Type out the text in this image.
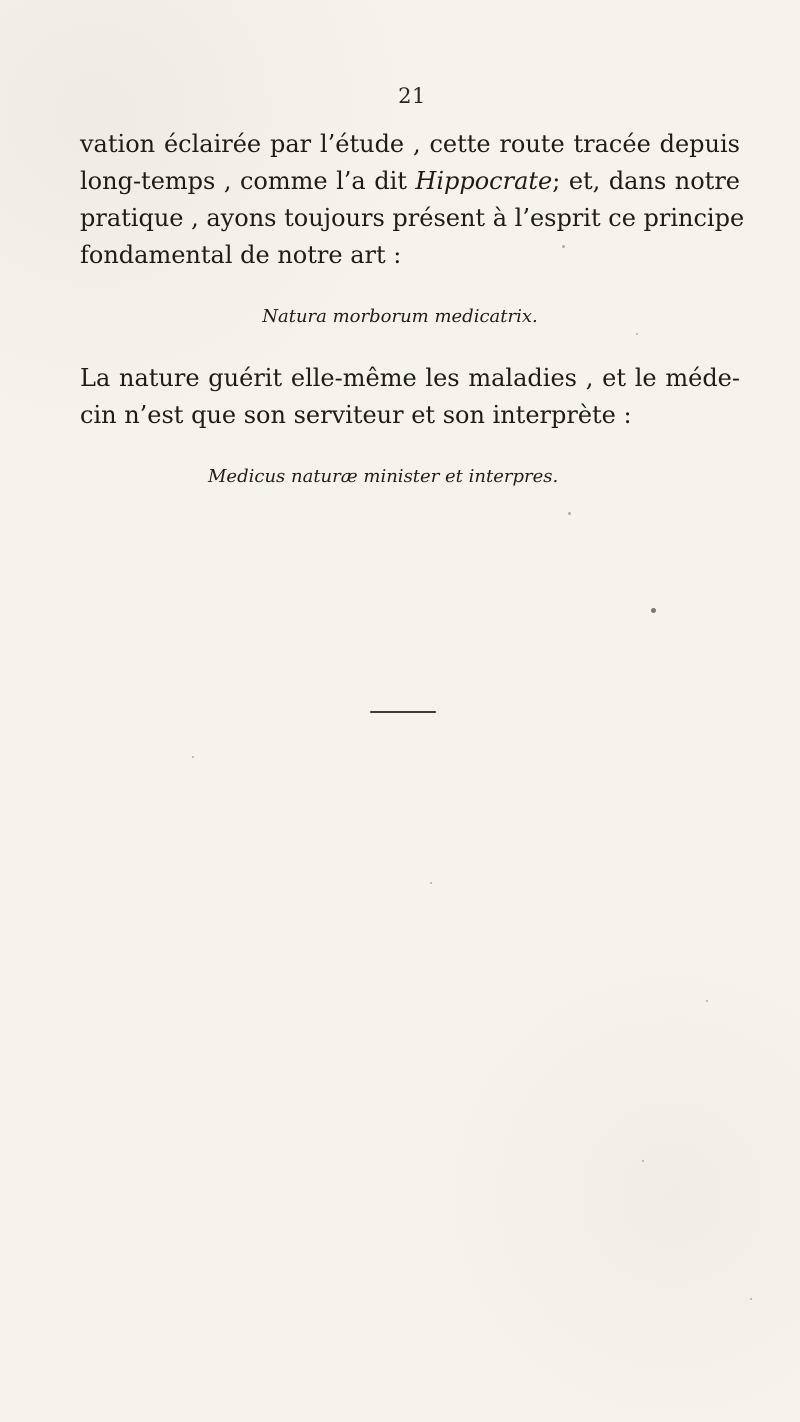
21

vation éclairée par l’étude , cette route tracée depuis
long-temps , comme l’a dit Hippocrate; et, dans notre
pratique , ayons toujours présent à l’esprit ce principe
fondamental de notre art :

Natura morborum medicatrix.

La nature guérit elle-même les maladies , et le méde-
cin n’est que son serviteur et son interprète :

Medicus naturæ minister et interpres.
